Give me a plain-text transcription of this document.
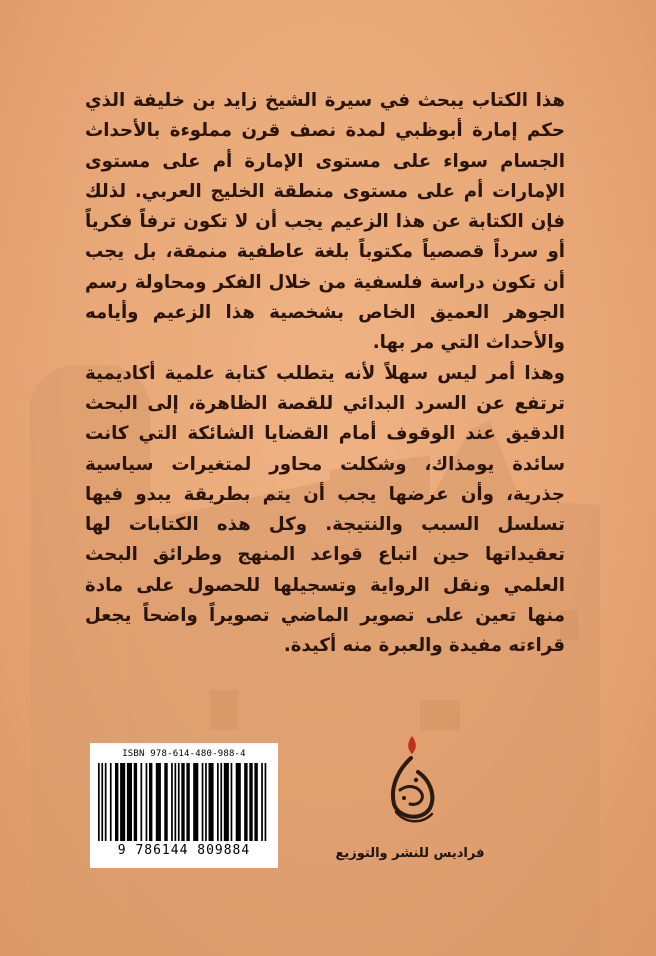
هذا الكتاب يبحث في سيرة الشيخ زايد بن خليفة الذي حكم إمارة أبوظبي لمدة نصف قرن مملوءة بالأحداث الجسام سواء على مستوى الإمارة أم على مستوى الإمارات أم على مستوى منطقة الخليج العربي. لذلك فإن الكتابة عن هذا الزعيم يجب أن لا تكون ترفاً فكرياً أو سرداً قصصياً مكتوباً بلغة عاطفية منمقة، بل يجب أن تكون دراسة فلسفية من خلال الفكر ومحاولة رسم الجوهر العميق الخاص بشخصية هذا الزعيم وأيامه والأحداث التي مر بها.

وهذا أمر ليس سهلاً لأنه يتطلب كتابة علمية أكاديمية ترتفع عن السرد البدائي للقصة الظاهرة، إلى البحث الدقيق عند الوقوف أمام القضايا الشائكة التي كانت سائدة يومذاك، وشكلت محاور لمتغيرات سياسية جذرية، وأن عرضها يجب أن يتم بطريقة يبدو فيها تسلسل السبب والنتيجة. وكل هذه الكتابات لها تعقيداتها حين اتباع قواعد المنهج وطرائق البحث العلمي ونقل الرواية وتسجيلها للحصول على مادة منها تعين على تصوير الماضي تصويراً واضحاً يجعل قراءته مفيدة والعبرة منه أكيدة.

ISBN 978-614-480-988-4
9 786144 809884	فراديس للنشر والتوزيع
